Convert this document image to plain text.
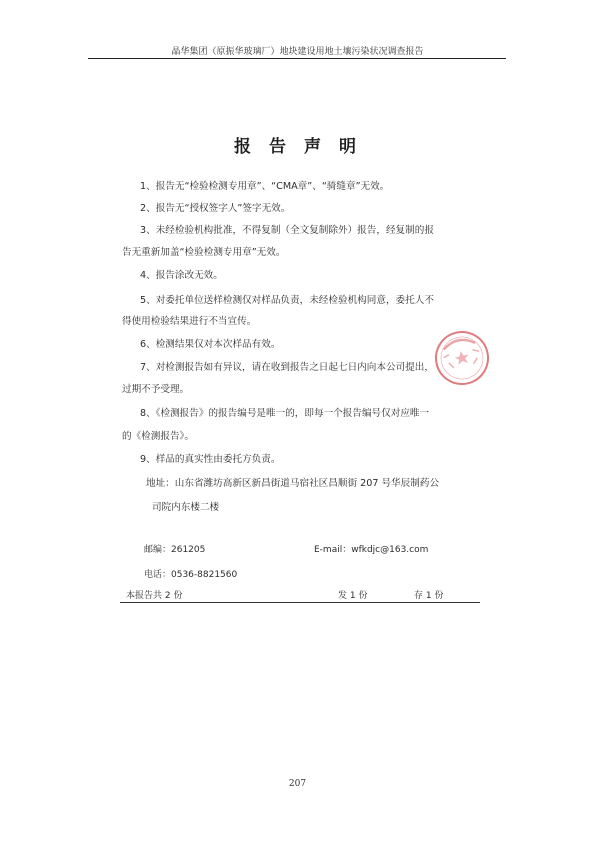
晶华集团（原振华玻璃厂）地块建设用地土壤污染状况调查报告
报告声明
1、报告无“检验检测专用章”、“CMA章”、“骑缝章”无效。
2、报告无“授权签字人”签字无效。
3、未经检验机构批准，不得复制（全文复制除外）报告，经复制的报
告无重新加盖“检验检测专用章”无效。
4、报告涂改无效。
5、对委托单位送样检测仅对样品负责，未经检验机构同意，委托人不
得使用检验结果进行不当宣传。
6、检测结果仅对本次样品有效。
7、对检测报告如有异议，请在收到报告之日起七日内向本公司提出，
过期不予受理。
8、《检测报告》的报告编号是唯一的，即每一个报告编号仅对应唯一
的《检测报告》。
9、样品的真实性由委托方负责。
地址：山东省潍坊高新区新昌街道马宿社区昌顺街 207 号华辰制药公
司院内东楼二楼
邮编：261205	E-mail：wfkdjc@163.com
电话：0536-8821560
本报告共 2 份	发 1 份	存 1 份
207
